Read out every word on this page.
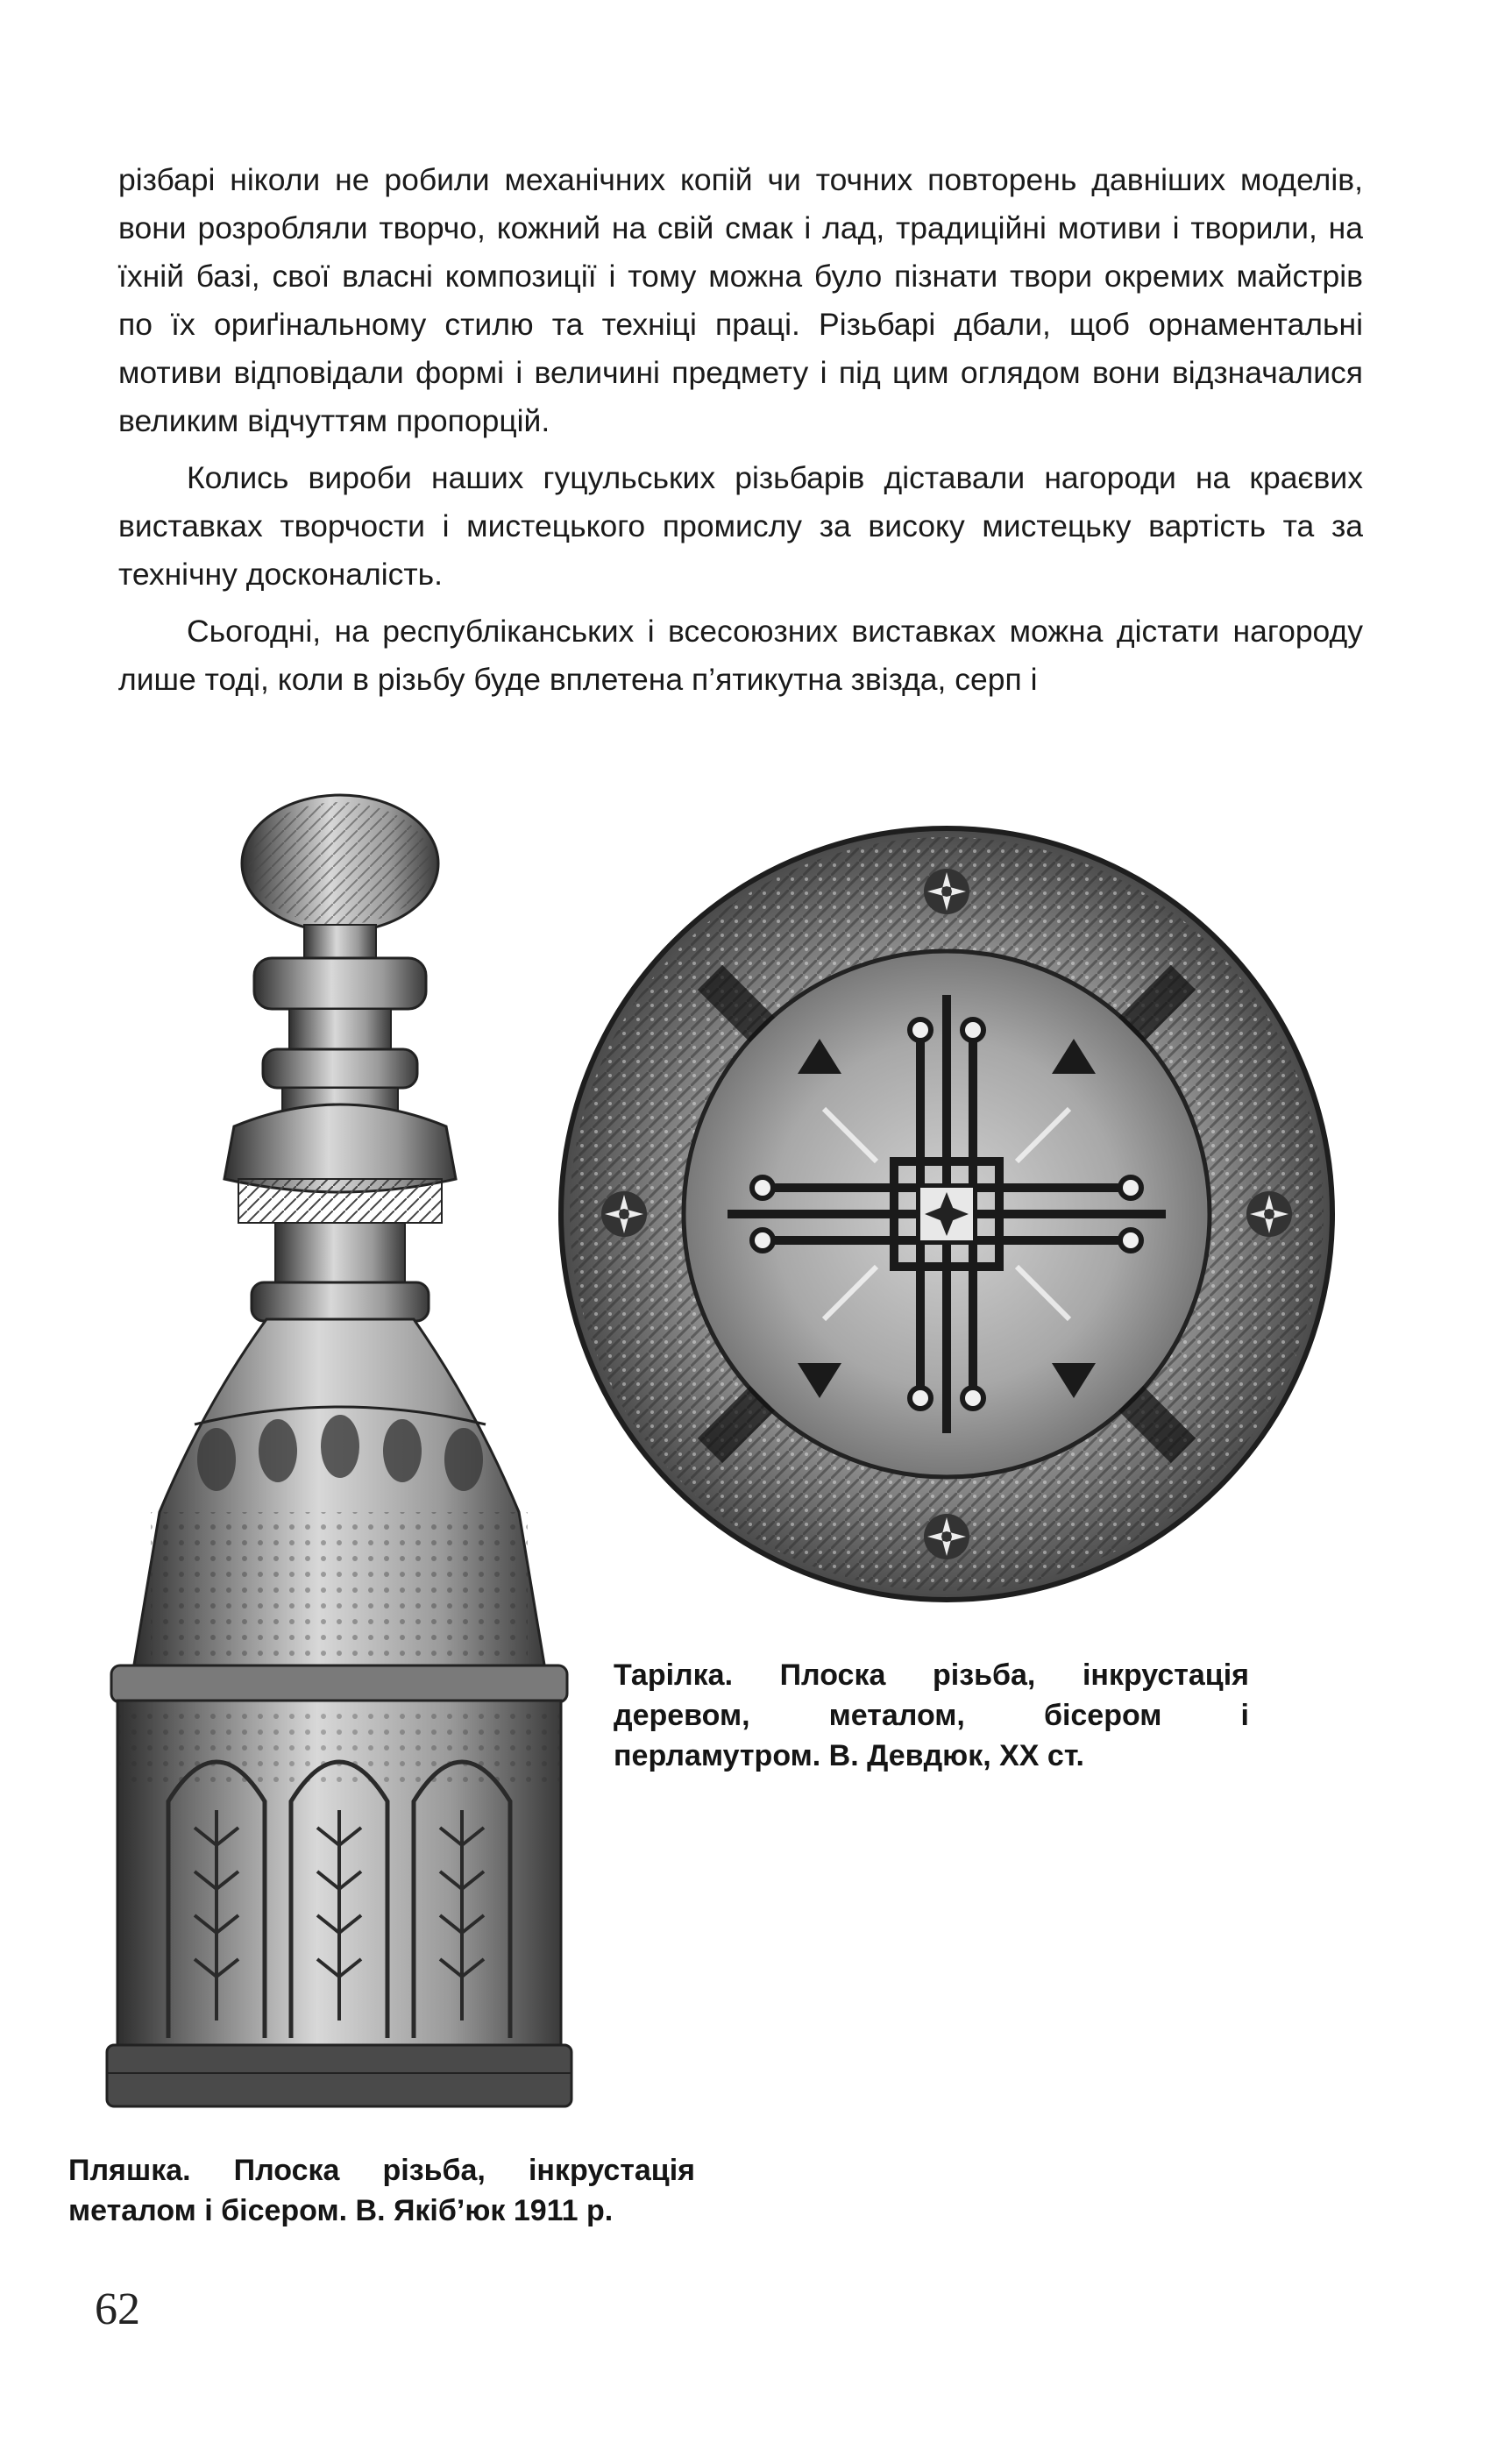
різбарі ніколи не робили механічних копій чи точних повторень давніших моделів, вони розробляли творчо, кожний на свій смак і лад, традиційні мотиви і творили, на їхній базі, свої власні композиції і тому можна було пізнати твори окремих майстрів по їх ориґінальному стилю та техніці праці. Різьбарі дбали, щоб орнаментальні мотиви відповідали формі і величині предмету і під цим оглядом вони відзначалися великим відчуттям пропорцій.

Колись вироби наших гуцульських різьбарів діставали нагороди на краєвих виставках творчости і мистецького промислу за високу мистецьку вартість та за технічну досконалість.

Сьогодні, на республіканських і всесоюзних виставках можна дістати нагороду лише тоді, коли в різьбу буде вплетена п’ятикутна звізда, серп і

Тарілка. Плоска різьба, інкрустація деревом, металом, бісером і перламутром. В. Девдюк, XX ст.
Пляшка. Плоска різьба, інкрустація металом і бісером. В. Якіб’юк 1911 р.
62
